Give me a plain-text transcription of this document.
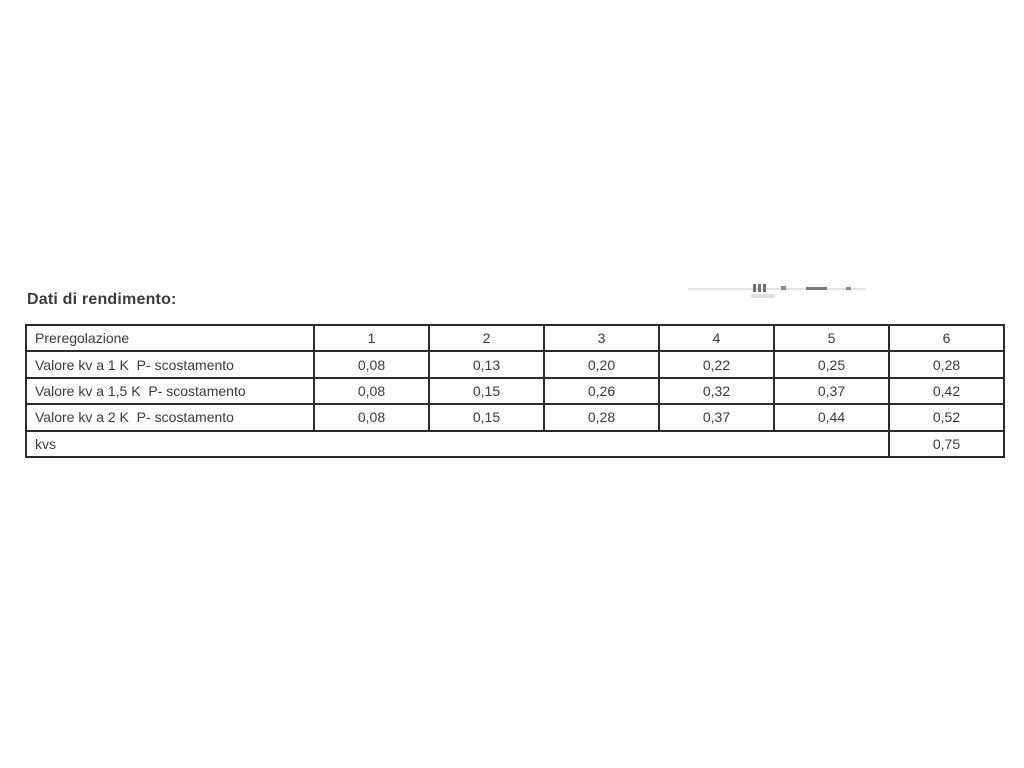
Dati di rendimento:
Preregolazione	1	2	3	4	5	6
Valore kv a 1 K  P- scostamento	0,08	0,13	0,20	0,22	0,25	0,28
Valore kv a 1,5 K  P- scostamento	0,08	0,15	0,26	0,32	0,37	0,42
Valore kv a 2 K  P- scostamento	0,08	0,15	0,28	0,37	0,44	0,52
kvs						0,75
